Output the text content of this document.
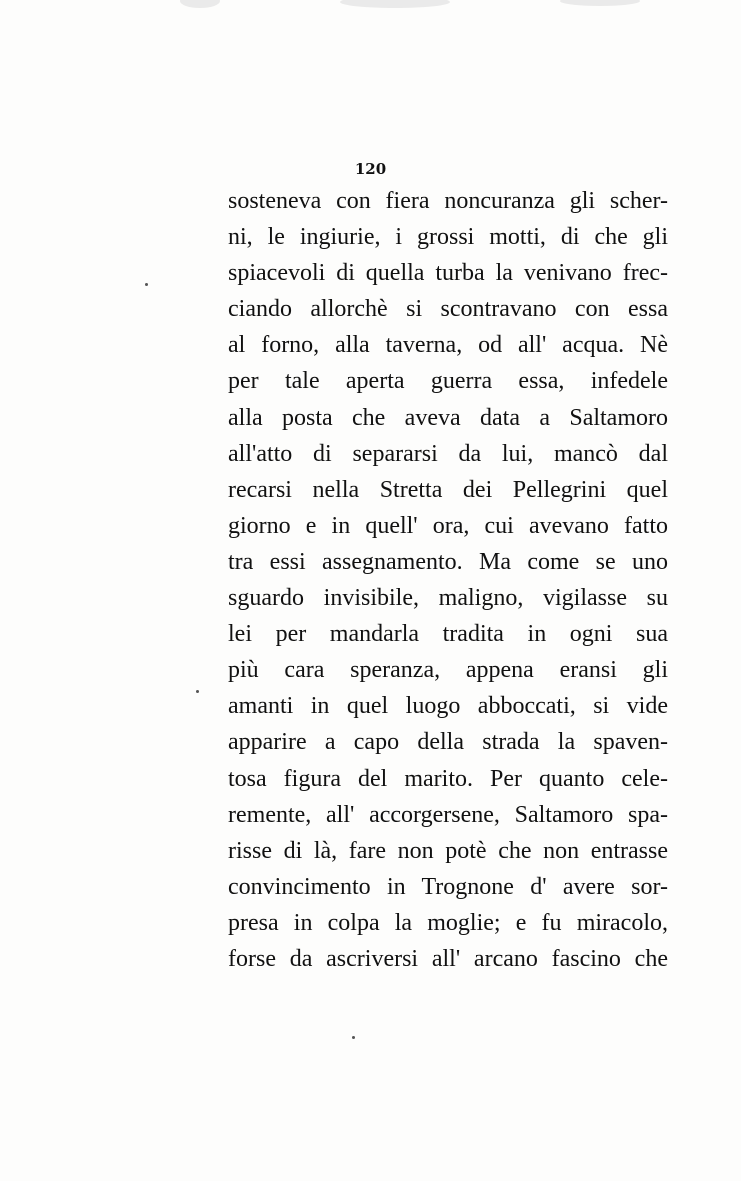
120
sosteneva con fiera noncuranza gli scher-
ni, le ingiurie, i grossi motti, di che gli
spiacevoli di quella turba la venivano frec-
ciando allorchè si scontravano con essa
al forno, alla taverna, od all' acqua. Nè
per tale aperta guerra essa, infedele
alla posta che aveva data a Saltamoro
all'atto di separarsi da lui, mancò dal
recarsi nella Stretta dei Pellegrini quel
giorno e in quell' ora, cui avevano fatto
tra essi assegnamento. Ma come se uno
sguardo invisibile, maligno, vigilasse su
lei per mandarla tradita in ogni sua
più cara speranza, appena eransi gli
amanti in quel luogo abboccati, si vide
apparire a capo della strada la spaven-
tosa figura del marito. Per quanto cele-
remente, all' accorgersene, Saltamoro spa-
risse di là, fare non potè che non entrasse
convincimento in Trognone d' avere sor-
presa in colpa la moglie; e fu miracolo,
forse da ascriversi all' arcano fascino che
